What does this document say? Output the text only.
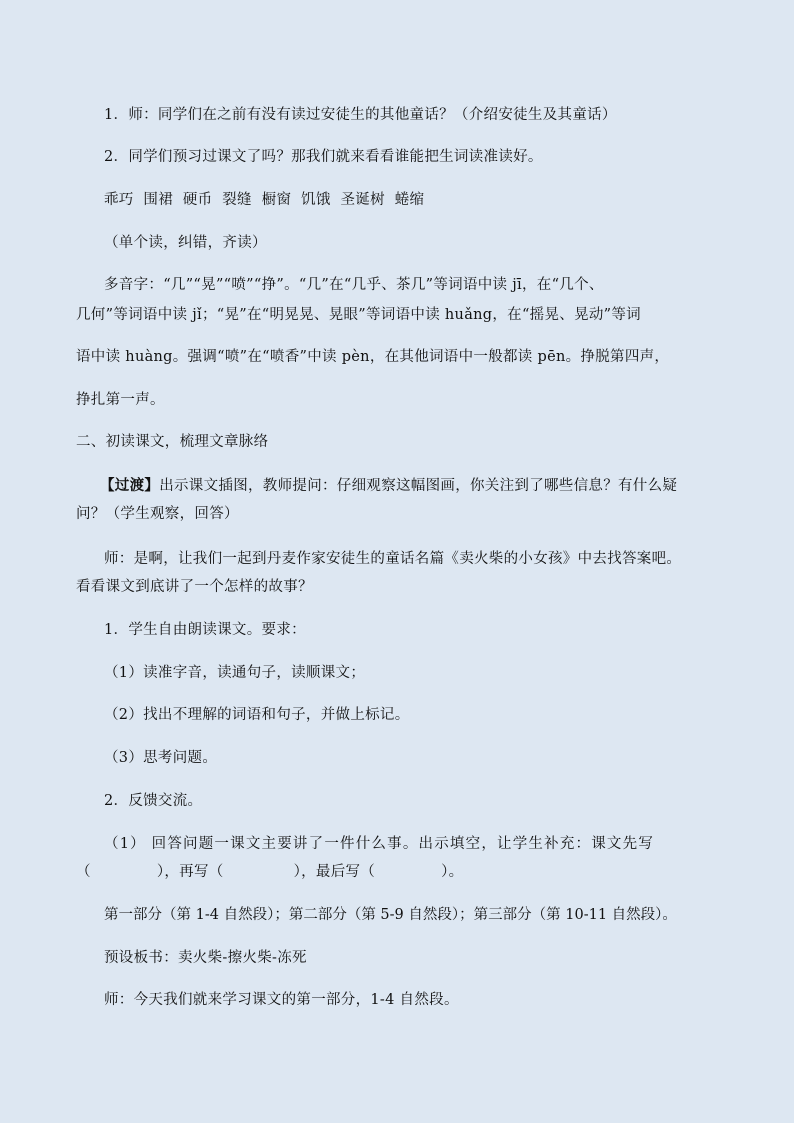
1．师：同学们在之前有没有读过安徒生的其他童话？（介绍安徒生及其童话）

2．同学们预习过课文了吗？那我们就来看看谁能把生词读准读好。

乖巧  围裙  硬币  裂缝  橱窗  饥饿  圣诞树  蜷缩

（单个读，纠错，齐读）

多音字：“几”“晃”“喷”“挣”。“几”在“几乎、茶几”等词语中读 jī，在“几个、

几何”等词语中读 jǐ；“晃”在“明晃晃、晃眼”等词语中读 huǎng，在“摇晃、晃动”等词

语中读 huàng。强调“喷”在“喷香”中读 pèn，在其他词语中一般都读 pēn。挣脱第四声，

挣扎第一声。

二、初读课文，梳理文章脉络

【过渡】出示课文插图，教师提问：仔细观察这幅图画，你关注到了哪些信息？有什么疑

问？（学生观察，回答）

师：是啊，让我们一起到丹麦作家安徒生的童话名篇《卖火柴的小女孩》中去找答案吧。

看看课文到底讲了一个怎样的故事？

1．学生自由朗读课文。要求：

（1）读准字音，读通句子，读顺课文；

（2）找出不理解的词语和句子，并做上标记。

（3）思考问题。

2．反馈交流。

（1） 回答问题一课文主要讲了一件什么事。出示填空，让学生补充：课文先写

（	），再写（	），最后写（	）。

第一部分（第 1-4 自然段）；第二部分（第 5-9 自然段）；第三部分（第 10-11 自然段）。

预设板书：卖火柴-擦火柴-冻死

师：今天我们就来学习课文的第一部分，1-4 自然段。
